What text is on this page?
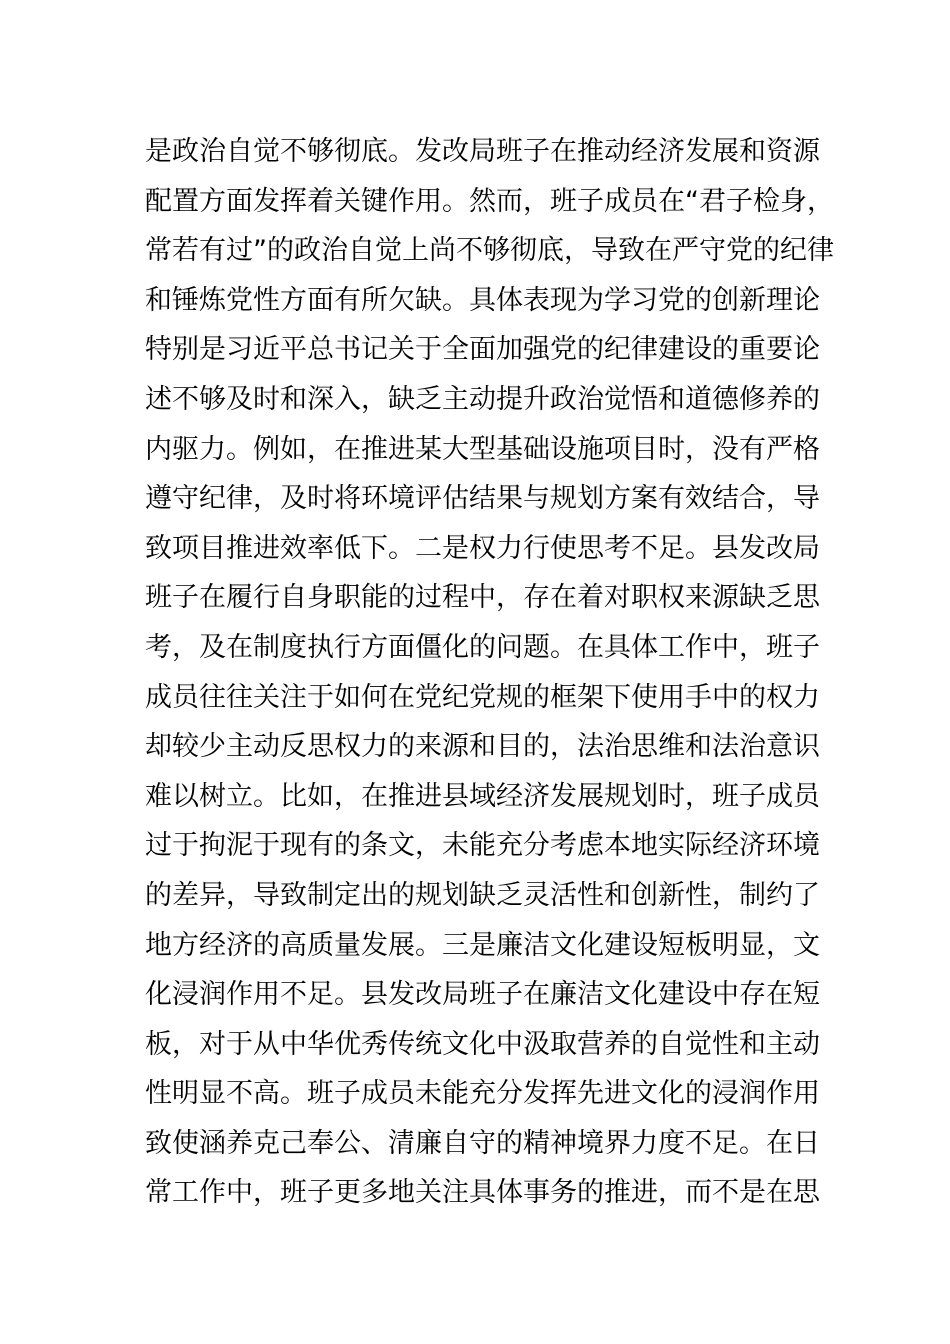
是政治自觉不够彻底。发改局班子在推动经济发展和资源
配置方面发挥着关键作用。然而，班子成员在“君子检身，
常若有过”的政治自觉上尚不够彻底，导致在严守党的纪律
和锤炼党性方面有所欠缺。具体表现为学习党的创新理论
特别是习近平总书记关于全面加强党的纪律建设的重要论
述不够及时和深入，缺乏主动提升政治觉悟和道德修养的
内驱力。例如，在推进某大型基础设施项目时，没有严格
遵守纪律，及时将环境评估结果与规划方案有效结合，导
致项目推进效率低下。二是权力行使思考不足。县发改局
班子在履行自身职能的过程中，存在着对职权来源缺乏思
考，及在制度执行方面僵化的问题。在具体工作中，班子
成员往往关注于如何在党纪党规的框架下使用手中的权力
却较少主动反思权力的来源和目的，法治思维和法治意识
难以树立。比如，在推进县域经济发展规划时，班子成员
过于拘泥于现有的条文，未能充分考虑本地实际经济环境
的差异，导致制定出的规划缺乏灵活性和创新性，制约了
地方经济的高质量发展。三是廉洁文化建设短板明显，文
化浸润作用不足。县发改局班子在廉洁文化建设中存在短
板，对于从中华优秀传统文化中汲取营养的自觉性和主动
性明显不高。班子成员未能充分发挥先进文化的浸润作用
致使涵养克己奉公、清廉自守的精神境界力度不足。在日
常工作中，班子更多地关注具体事务的推进，而不是在思
